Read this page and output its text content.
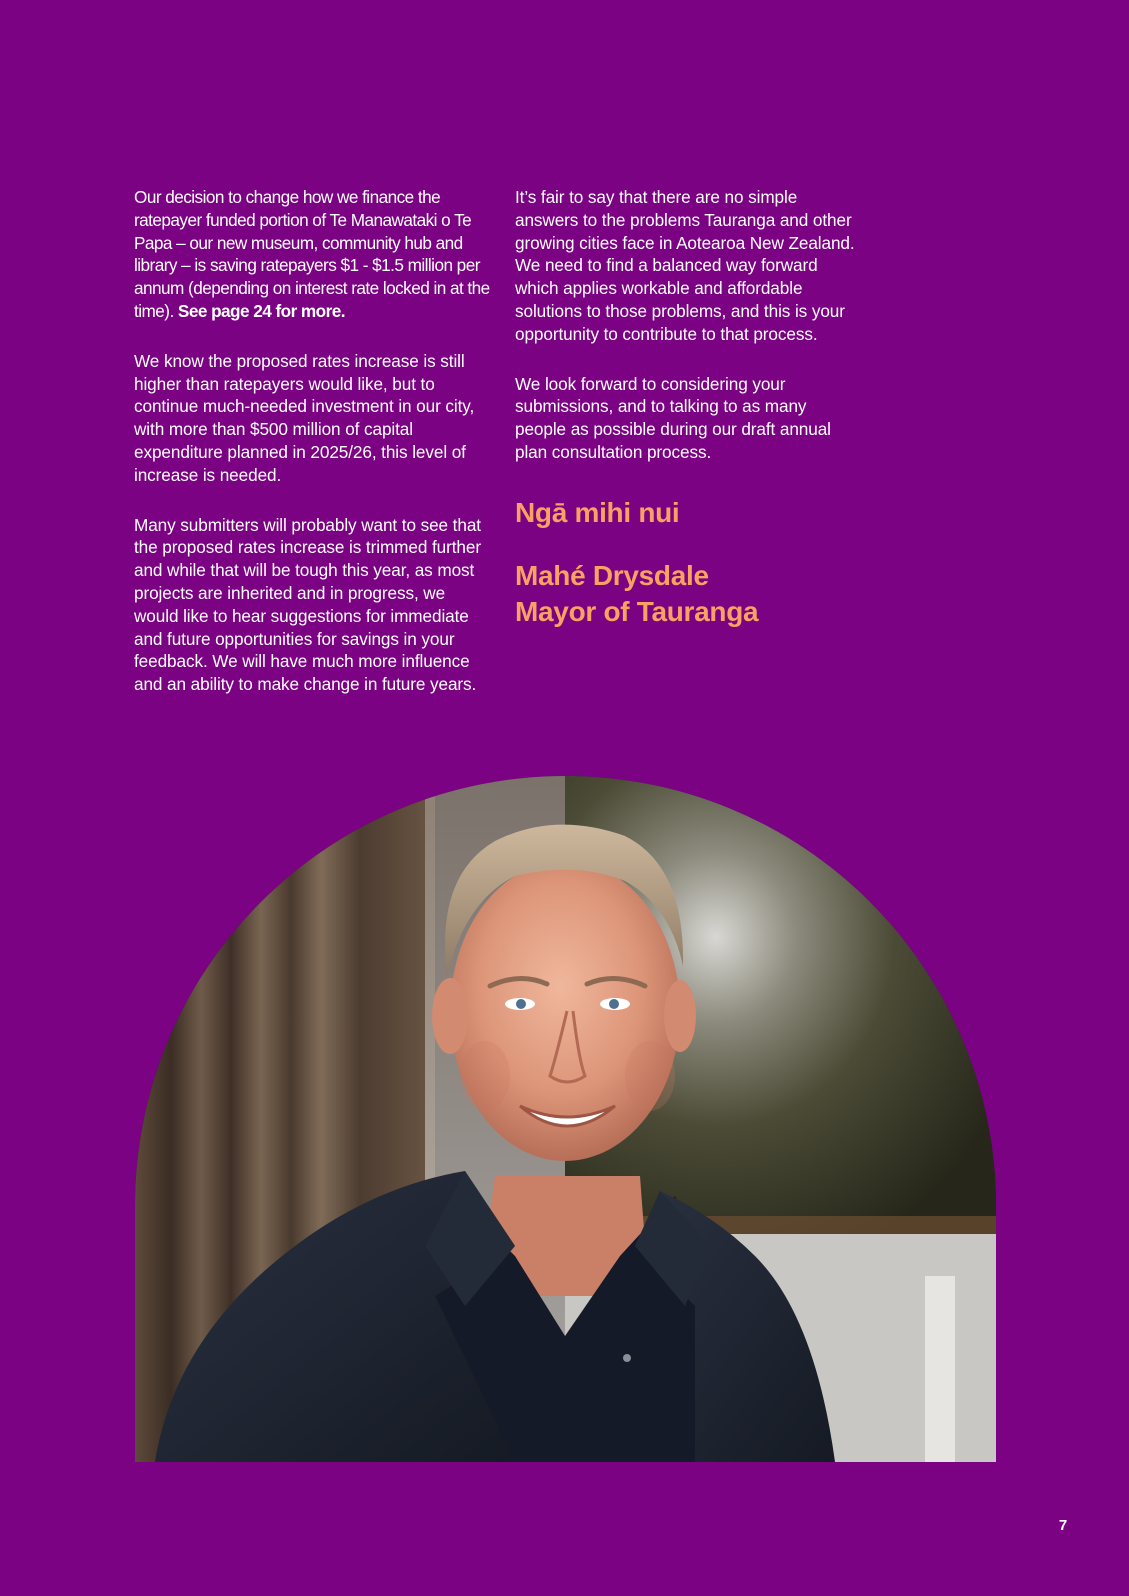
Our decision to change how we finance the ratepayer funded portion of Te Manawataki o Te Papa – our new museum, community hub and library – is saving ratepayers $1 - $1.5 million per annum (depending on interest rate locked in at the time). See page 24 for more.

We know the proposed rates increase is still higher than ratepayers would like, but to continue much-needed investment in our city, with more than $500 million of capital expenditure planned in 2025/26, this level of increase is needed.

Many submitters will probably want to see that the proposed rates increase is trimmed further and while that will be tough this year, as most projects are inherited and in progress, we would like to hear suggestions for immediate and future opportunities for savings in your feedback. We will have much more influence and an ability to make change in future years.

It’s fair to say that there are no simple answers to the problems Tauranga and other growing cities face in Aotearoa New Zealand. We need to find a balanced way forward which applies workable and affordable solutions to those problems, and this is your opportunity to contribute to that process.

We look forward to considering your submissions, and to talking to as many people as possible during our draft annual plan consultation process.

Ngā mihi nui

Mahé Drysdale

Mayor of Tauranga

7
